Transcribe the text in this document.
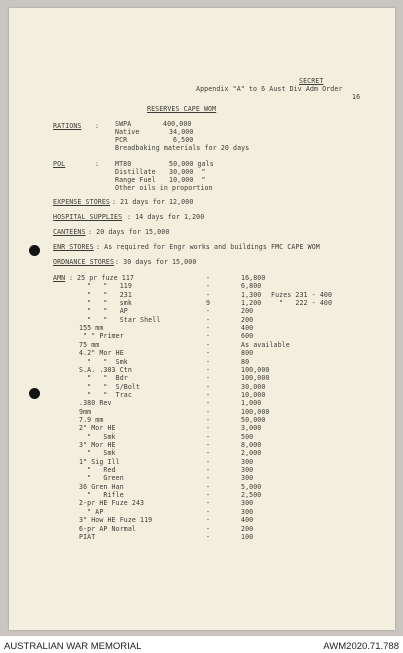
SECRET
Appendix "A" to 6 Aust Div Adm Order
16
RESERVES CAPE WOM
RATIONS : SWPA	400,000
Native	34,000
PCR	6,500
Breadbaking materials for 20 days
POL	: MT80	50,000 gals
Distillate 30,000  "
Range Fuel 10,000  "
Other oils in proportion
EXPENSE STORES : 21 days for 12,000
HOSPITAL SUPPLIES : 14 days for 1,200
CANTEENS : 20 days for 15,000
ENR STORES : As required for Engr works and buildings FMC CAPE WOM
ORDNANCE STORES : 30 days for 15,000
AMN : 25 pr fuze 117	-	16,800
"   "   119	-	6,800
"   "   231	-	1,300 Fuzes 231 - 400
"   "   smk	9	1,200 "   222 - 400
"   "   AP	-	200
"   "   Star Shell	-	200
155 mm	-	400
" " Primer	-	600
75 mm	-	As available
4.2" Mor HE	-	800
"   "  Smk	-	80
S.A. .303 Ctn	-	100,000
"   "  Bdr	-	100,000
"   "  S/Bolt	-	30,000
"   "  Trac	-	10,000
.380 Rev	-	1,000
9mm	-	100,000
7.9 mm	-	50,000
2" Mor HE	-	3,000
"   Smk	-	500
3" Mor HE	-	8,000
"   Smk	-	2,000
1" Sig Ill	-	300
"   Red	-	300
"   Green	-	300
36 Gren Han	-	5,000
"   Rifle	-	2,500
2-pr HE Fuze 243	-	300
" AP	-	300
3" How HE Fuze 119	-	400
6-pr AP Normal	-	200
PIAT	-	100
AUSTRALIAN WAR MEMORIAL	AWM2020.71.788
